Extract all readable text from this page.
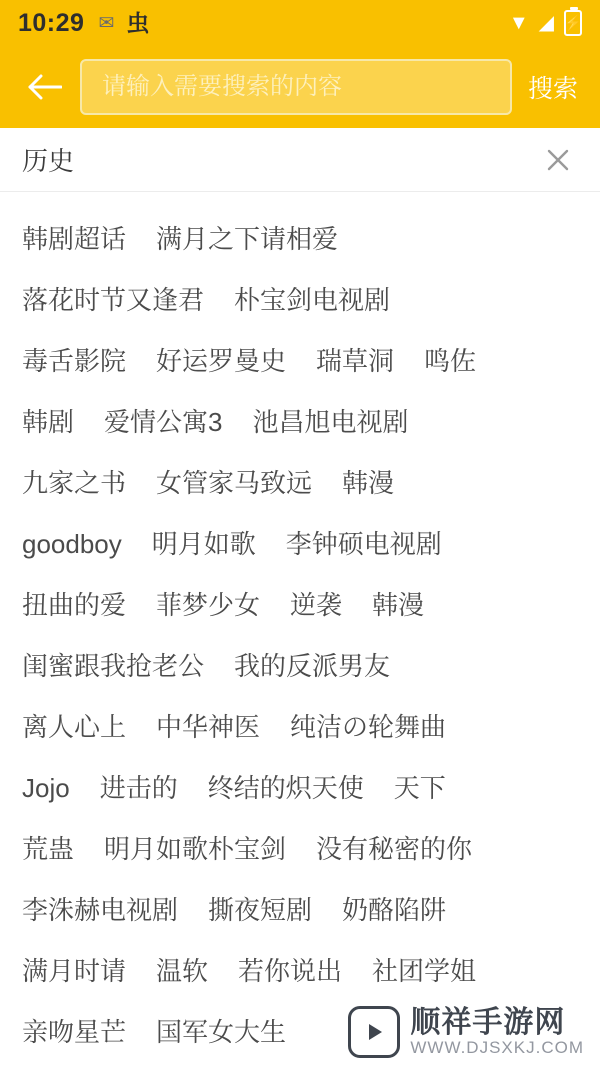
10:29 ✉ 虫	▼ ◢ ⚡
请输入需要搜索的内容
搜索
历史
韩剧超话 满月之下请相爱
落花时节又逢君 朴宝剑电视剧
毒舌影院 好运罗曼史 瑞草洞 鸣佐
韩剧 爱情公寓3 池昌旭电视剧
九家之书 女管家马致远 韩漫
goodboy 明月如歌 李钟硕电视剧
扭曲的爱 菲梦少女 逆袭 韩漫
闺蜜跟我抢老公 我的反派男友
离人心上 中华神医 纯洁の轮舞曲
Jojo 进击的 终结的炽天使 天下
荒蛊 明月如歌朴宝剑 没有秘密的你
李洙赫电视剧 撕夜短剧 奶酪陷阱
满月时请 温软 若你说出 社团学姐
亲吻星芒 国军女大生	顺祥手游网
WWW.DJSXKJ.COM
